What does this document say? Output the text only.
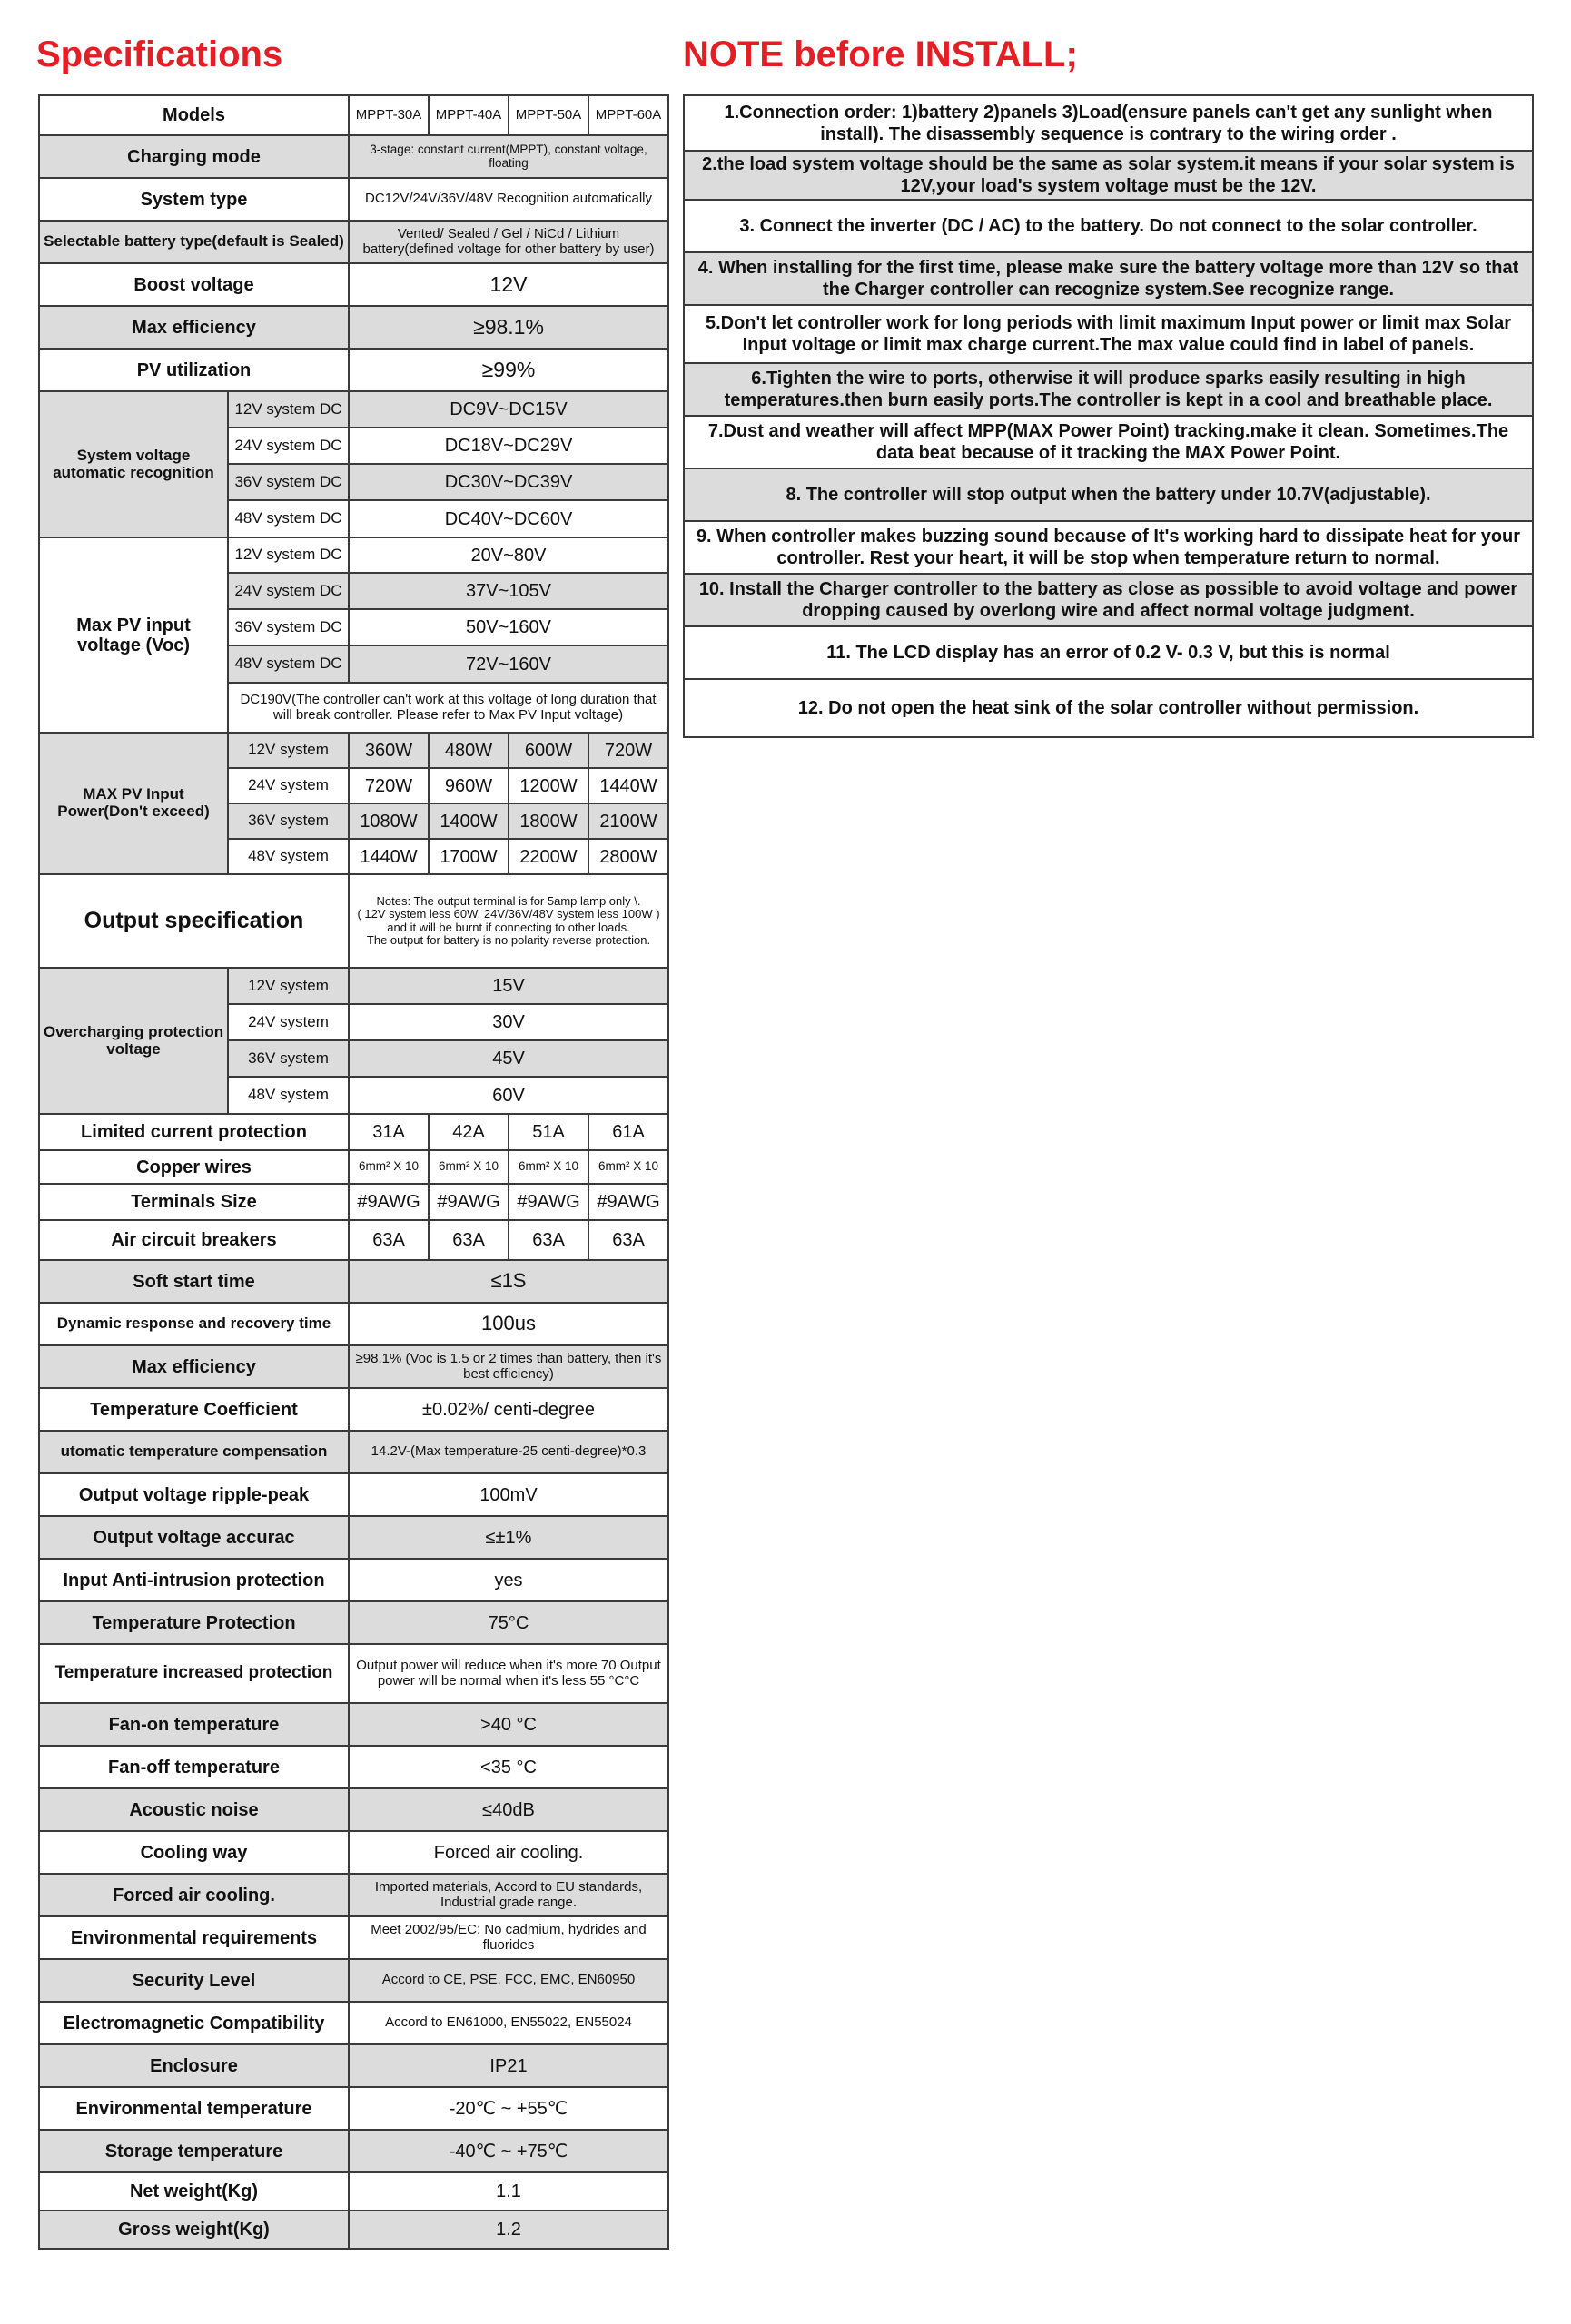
Specifications	NOTE before INSTALL;
Models		MPPT-30A	MPPT-40A	MPPT-50A	MPPT-60A
Charging mode		3-stage: constant current(MPPT), constant voltage, floating			
System type		DC12V/24V/36V/48V Recognition automatically			
Selectable battery type(default is Sealed)		Vented/ Sealed / Gel / NiCd / Lithium battery(defined voltage for other battery by user)			
Boost voltage		12V			
Max efficiency		≥98.1%			
PV utilization		≥99%			
System voltage automatic recognition	12V system DC	DC9V~DC15V			
	24V system DC	DC18V~DC29V			
	36V system DC	DC30V~DC39V			
	48V system DC	DC40V~DC60V			
Max PV input voltage (Voc)	12V system DC	20V~80V			
	24V system DC	37V~105V			
	36V system DC	50V~160V			
	48V system DC	72V~160V			
	DC190V(The controller can't work at this voltage of long duration that will break controller. Please refer to Max PV Input voltage)				
MAX PV Input Power(Don't exceed)	12V system	360W	480W	600W	720W
	24V system	720W	960W	1200W	1440W
	36V system	1080W	1400W	1800W	2100W
	48V system	1440W	1700W	2200W	2800W
Output specification		Notes: The output terminal is for 5amp lamp only \.
( 12V system less 60W, 24V/36V/48V system less 100W )
and it will be burnt if connecting to other loads.
The output for battery is no polarity reverse protection.			

Overcharging protection voltage	12V system	15V			
	24V system	30V			
	36V system	45V			
	48V system	60V			
Limited current protection		31A	42A	51A	61A
Copper wires		6mm² X 10	6mm² X 10	6mm² X 10	6mm² X 10
Terminals Size		#9AWG	#9AWG	#9AWG	#9AWG
Air circuit breakers		63A	63A	63A	63A
Soft start time		≤1S			
Dynamic response and recovery time		100us			
Max efficiency		≥98.1% (Voc is 1.5 or 2 times than battery, then it's best efficiency)			
Temperature Coefficient		±0.02%/ centi-degree			
utomatic temperature compensation		14.2V-(Max temperature-25 centi-degree)*0.3			
Output voltage ripple-peak		100mV			
Output voltage accurac		≤±1%			
Input Anti-intrusion protection		yes			
Temperature Protection		75°C			
Temperature increased protection		Output power will reduce when it's more 70 Output power will be normal when it's less 55 °C°C			
Fan-on temperature		>40 °C			
Fan-off temperature		<35 °C			
Acoustic noise		≤40dB			
Cooling way		Forced air cooling.			
Forced air cooling.		Imported materials, Accord to EU standards, Industrial grade range.			
Environmental requirements		Meet 2002/95/EC; No cadmium, hydrides and fluorides			
Security Level		Accord to CE, PSE, FCC, EMC, EN60950			
Electromagnetic Compatibility		Accord to EN61000, EN55022, EN55024			
Enclosure		IP21			
Environmental temperature		-20℃ ~ +55℃			
Storage temperature		-40℃ ~ +75℃			
Net weight(Kg)		1.1			
Gross weight(Kg)		1.2			
1.Connection order: 1)battery 2)panels 3)Load(ensure panels can't get any sunlight when install). The disassembly sequence is contrary to the wiring order .
2.the load system voltage should be the same as solar system.it means if your solar system is 12V,your load's system voltage must be the 12V.
3. Connect the inverter (DC / AC) to the battery. Do not connect to the solar controller.
4. When installing for the first time, please make sure the battery voltage more than 12V so that the Charger controller can recognize system.See recognize range.
5.Don't let controller work for long periods with limit maximum Input power or limit max Solar Input voltage or limit max charge current.The max value could find in label of panels.
6.Tighten the wire to ports, otherwise it will produce sparks easily resulting in high temperatures.then burn easily ports.The controller is kept in a cool and breathable place.
7.Dust and weather will affect MPP(MAX Power Point) tracking.make it clean. Sometimes.The data beat because of it tracking the MAX Power Point.
8. The controller will stop output when the battery under 10.7V(adjustable).
9. When controller makes buzzing sound because of It's working hard to dissipate heat for your controller. Rest your heart, it will be stop when temperature return to normal.
10. Install the Charger controller to the battery as close as possible to avoid voltage and power dropping caused by overlong wire and affect normal voltage judgment.
11. The LCD display has an error of 0.2 V- 0.3 V, but this is normal
12. Do not open the heat sink of the solar controller without permission.
